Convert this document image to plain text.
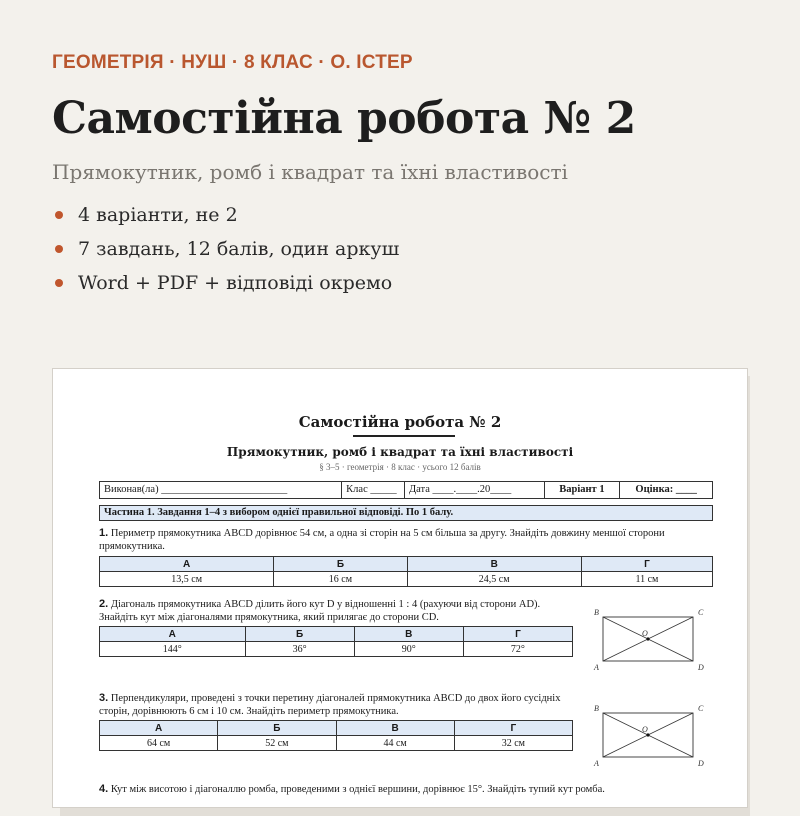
ГЕОМЕТРІЯ · НУШ · 8 КЛАС · О. ІСТЕР
Самостійна робота № 2
Прямокутник, ромб і квадрат та їхні властивості
4 варіанти, не 2
7 завдань, 12 балів, один аркуш
Word + PDF + відповіді окремо
Самостійна робота № 2
Прямокутник, ромб і квадрат та їхні властивості
§ 3–5 · геометрія · 8 клас · усього 12 балів
Виконав(ла) ________________________	Клас _____	Дата ____.____.20____	Варіант 1	Оцінка: ____
Частина 1. Завдання 1–4 з вибором однієї правильної відповіді. По 1 балу.
1. Периметр прямокутника ABCD дорівнює 54 см, а одна зі сторін на 5 см більша за другу. Знайдіть довжину меншої сторони прямокутника.
А	Б	В	Г
13,5 см	16 см	24,5 см	11 см
2. Діагональ прямокутника ABCD ділить його кут D у відношенні 1 : 4 (рахуючи від сторони AD). Знайдіть кут між діагоналями прямокутника, який прилягає до сторони CD.
А	Б	В	Г
144°	36°	90°	72°
B	C
A	D
O
3. Перпендикуляри, проведені з точки перетину діагоналей прямокутника ABCD до двох його сусідніх сторін, дорівнюють 6 см і 10 см. Знайдіть периметр прямокутника.
А	Б	В	Г
64 см	52 см	44 см	32 см
B	C
A	D
O
4. Кут між висотою і діагоналлю ромба, проведеними з однієї вершини, дорівнює 15°. Знайдіть тупий кут ромба.
